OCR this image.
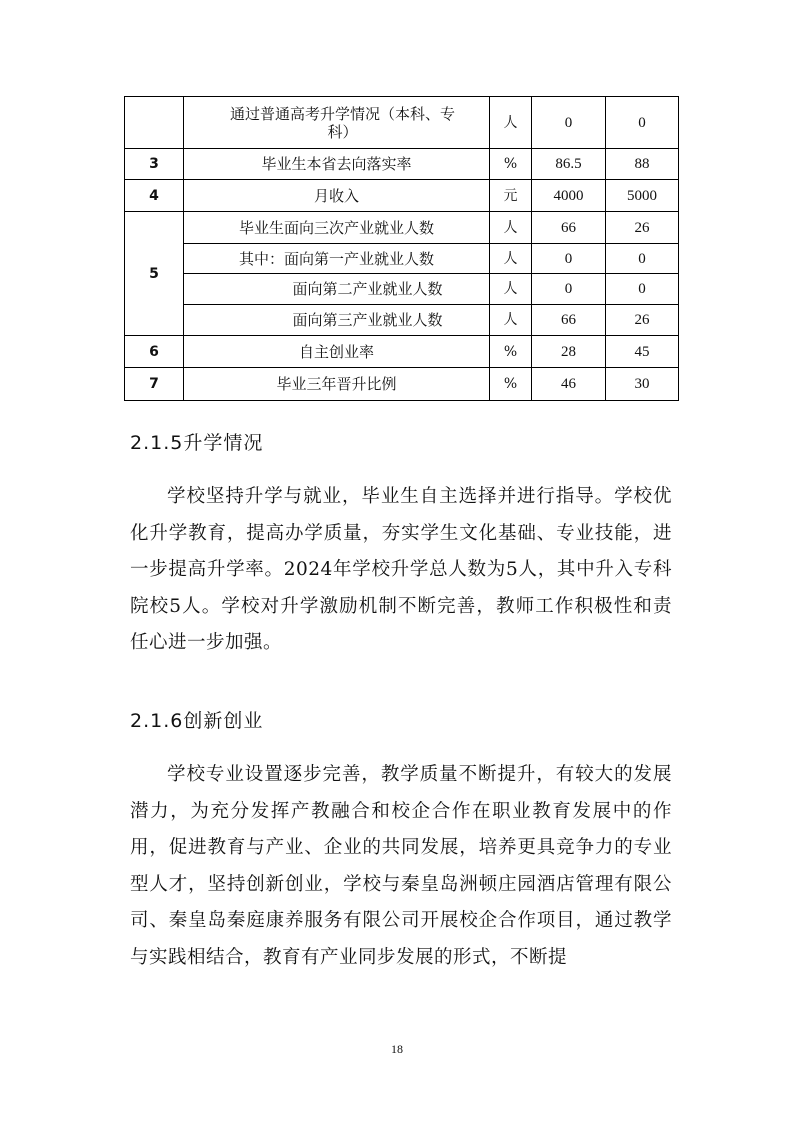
	通过普通高考升学情况（本科、专科）	人	0	0
3	毕业生本省去向落实率	%	86.5	88
4	月收入	元	4000	5000
5	毕业生面向三次产业就业人数	人	66	26
	其中：面向第一产业就业人数	人	0	0
	面向第二产业就业人数	人	0	0
	面向第三产业就业人数	人	66	26
6	自主创业率	%	28	45
7	毕业三年晋升比例	%	46	30
2.1.5升学情况

学校坚持升学与就业，毕业生自主选择并进行指导。学校优化升学教育，提高办学质量，夯实学生文化基础、专业技能，进一步提高升学率。2024年学校升学总人数为5人，其中升入专科院校5人。学校对升学激励机制不断完善，教师工作积极性和责任心进一步加强。

2.1.6创新创业

学校专业设置逐步完善，教学质量不断提升，有较大的发展潜力，为充分发挥产教融合和校企合作在职业教育发展中的作用，促进教育与产业、企业的共同发展，培养更具竞争力的专业型人才，坚持创新创业，学校与秦皇岛洲顿庄园酒店管理有限公司、秦皇岛秦庭康养服务有限公司开展校企合作项目，通过教学与实践相结合，教育有产业同步发展的形式，不断提

18
